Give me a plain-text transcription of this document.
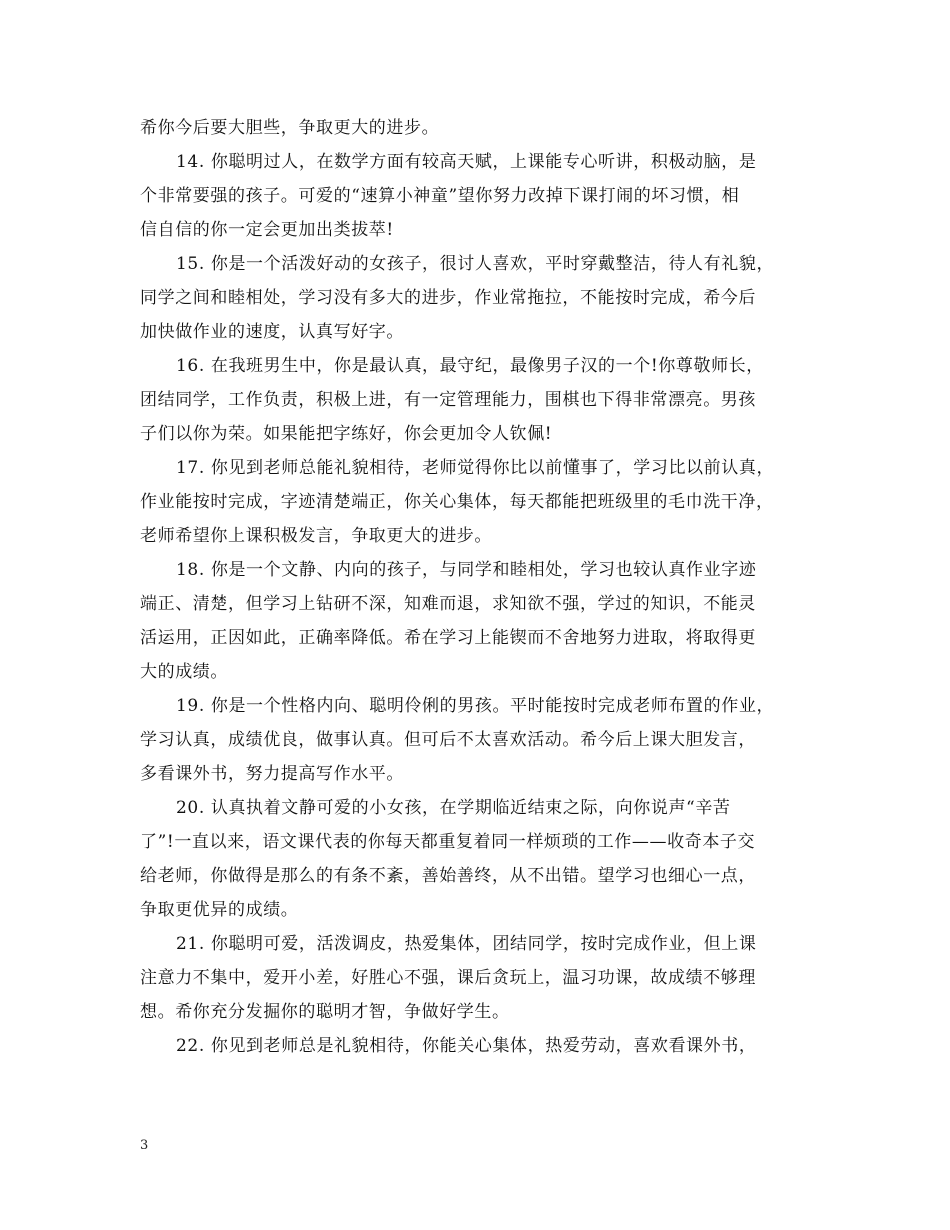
希你今后要大胆些，争取更大的进步。

14. 你聪明过人，在数学方面有较高天赋，上课能专心听讲，积极动脑，是
个非常要强的孩子。可爱的“速算小神童”望你努力改掉下课打闹的坏习惯，相
信自信的你一定会更加出类拔萃!

15. 你是一个活泼好动的女孩子，很讨人喜欢，平时穿戴整洁，待人有礼貌，
同学之间和睦相处，学习没有多大的进步，作业常拖拉，不能按时完成，希今后
加快做作业的速度，认真写好字。

16. 在我班男生中，你是最认真，最守纪，最像男子汉的一个!你尊敬师长，
团结同学，工作负责，积极上进，有一定管理能力，围棋也下得非常漂亮。男孩
子们以你为荣。如果能把字练好，你会更加令人钦佩!

17. 你见到老师总能礼貌相待，老师觉得你比以前懂事了，学习比以前认真，
作业能按时完成，字迹清楚端正，你关心集体，每天都能把班级里的毛巾洗干净，
老师希望你上课积极发言，争取更大的进步。

18. 你是一个文静、内向的孩子，与同学和睦相处，学习也较认真作业字迹
端正、清楚，但学习上钻研不深，知难而退，求知欲不强，学过的知识，不能灵
活运用，正因如此，正确率降低。希在学习上能锲而不舍地努力进取，将取得更
大的成绩。

19. 你是一个性格内向、聪明伶俐的男孩。平时能按时完成老师布置的作业，
学习认真，成绩优良，做事认真。但可后不太喜欢活动。希今后上课大胆发言，
多看课外书，努力提高写作水平。

20. 认真执着文静可爱的小女孩，在学期临近结束之际，向你说声“辛苦
了”!一直以来，语文课代表的你每天都重复着同一样烦琐的工作——收奇本子交
给老师，你做得是那么的有条不紊，善始善终，从不出错。望学习也细心一点，
争取更优异的成绩。

21. 你聪明可爱，活泼调皮，热爱集体，团结同学，按时完成作业，但上课
注意力不集中，爱开小差，好胜心不强，课后贪玩上，温习功课，故成绩不够理
想。希你充分发掘你的聪明才智，争做好学生。

22. 你见到老师总是礼貌相待，你能关心集体，热爱劳动，喜欢看课外书，

3
